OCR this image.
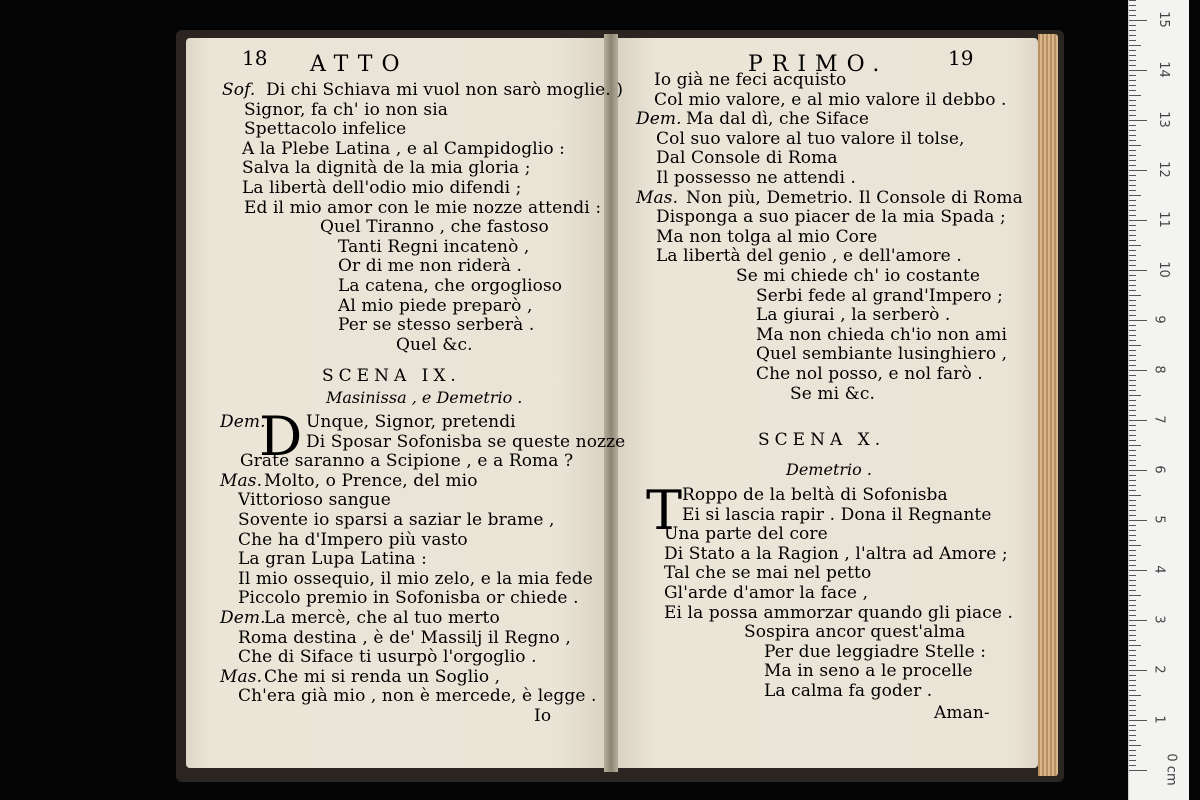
18 ATTO	PRIMO.	19
Sof. Di chi Schiava mi vuol non sarò moglie. )
Signor, fa ch' io non sia
Spettacolo infelice
A la Plebe Latina , e al Campidoglio :
Salva la dignità de la mia gloria ;
La libertà dell'odio mio difendi ;
Ed il mio amor con le mie nozze attendi :
Quel Tiranno , che fastoso
Tanti Regni incatenò ,
Or di me non riderà .
La catena, che orgoglioso
Al mio piede preparò ,
Per se stesso serberà .
Quel &c.
SCENA IX.
Masinissa , e Demetrio .
D
Dem. Unque, Signor, pretendi
Di Sposar Sofonisba se queste nozze
Grate saranno a Scipione , e a Roma ?
Mas. Molto, o Prence, del mio
Vittorioso sangue
Sovente io sparsi a saziar le brame ,
Che ha d'Impero più vasto
La gran Lupa Latina :
Il mio ossequio, il mio zelo, e la mia fede
Piccolo premio in Sofonisba or chiede .
Dem.
La mercè, che al tuo merto
Roma destina , è de' Massilj il Regno ,
Che di Siface ti usurpò l'orgoglio .
Mas. Che mi si renda un Soglio ,
Ch'era già mio , non è mercede, è legge .
Io
Io già ne feci acquisto
Col mio valore, e al mio valore il debbo .
Dem. Ma dal dì, che Siface
Col suo valore al tuo valore il tolse,
Dal Console di Roma
Il possesso ne attendi .
Mas. Non più, Demetrio. Il Console di Roma
Disponga a suo piacer de la mia Spada ;
Ma non tolga al mio Core
La libertà del genio , e dell'amore .
Se mi chiede ch' io costante
Serbi fede al grand'Impero ;
La giurai , la serberò .
Ma non chieda ch'io non ami
Quel sembiante lusinghiero ,
Che nol posso, e nol farò .
Se mi &c.
SCENA X.
Demetrio .
T Roppo de la beltà di Sofonisba
Ei si lascia rapir . Dona il Regnante
Una parte del core
Di Stato a la Ragion , l'altra ad Amore ;
Tal che se mai nel petto
Gl'arde d'amor la face ,
Ei la possa ammorzar quando gli piace .
Sospira ancor quest'alma
Per due leggiadre Stelle :
Ma in seno a le procelle
La calma fa goder .
Aman-
15
14
13
12
11
10
9
8
7
6
5
4
3
2
1
0 cm
